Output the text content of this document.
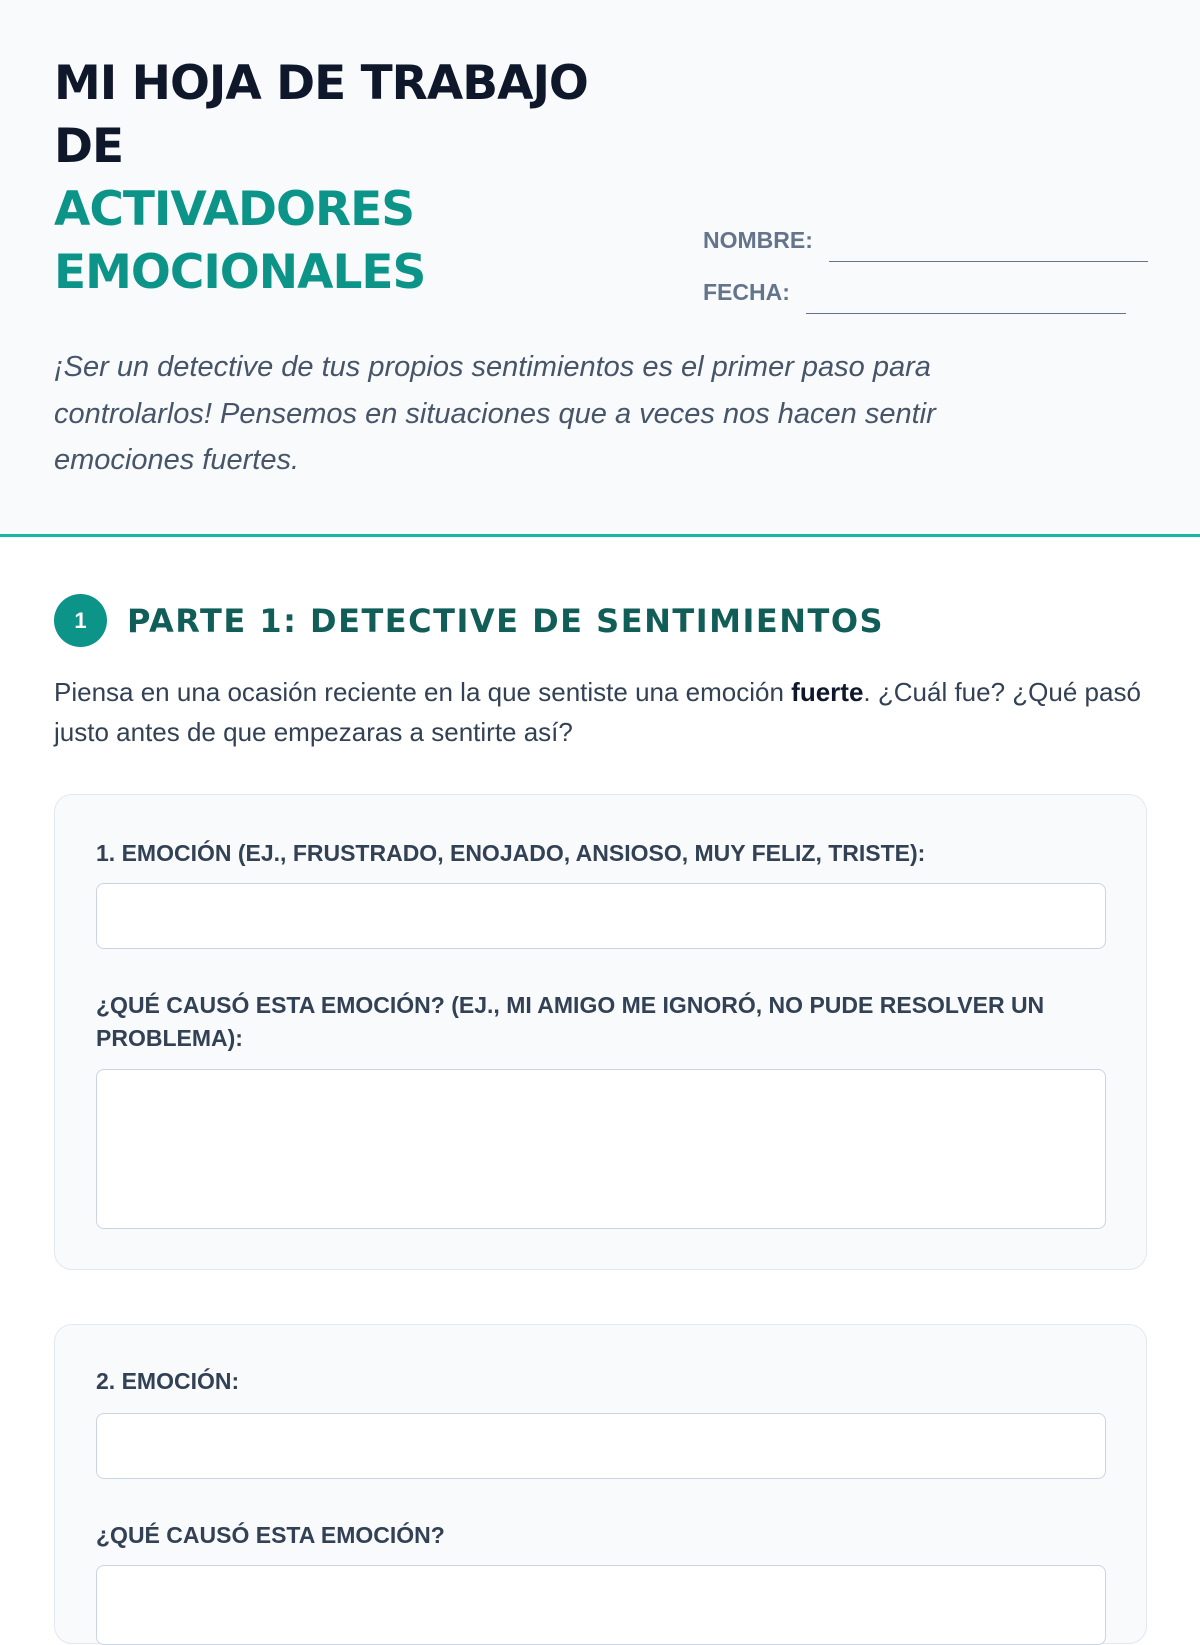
MI HOJA DE TRABAJO
DE
ACTIVADORES
EMOCIONALES
NOMBRE:
FECHA:

¡Ser un detective de tus propios sentimientos es el primer paso para controlarlos! Pensemos en situaciones que a veces nos hacen sentir emociones fuertes.

1	PARTE 1: DETECTIVE DE SENTIMIENTOS

Piensa en una ocasión reciente en la que sentiste una emoción fuerte. ¿Cuál fue? ¿Qué pasó justo antes de que empezaras a sentirte así?

1. EMOCIÓN (EJ., FRUSTRADO, ENOJADO, ANSIOSO, MUY FELIZ, TRISTE):
¿QUÉ CAUSÓ ESTA EMOCIÓN? (EJ., MI AMIGO ME IGNORÓ, NO PUDE RESOLVER UN PROBLEMA):
2. EMOCIÓN:
¿QUÉ CAUSÓ ESTA EMOCIÓN?
